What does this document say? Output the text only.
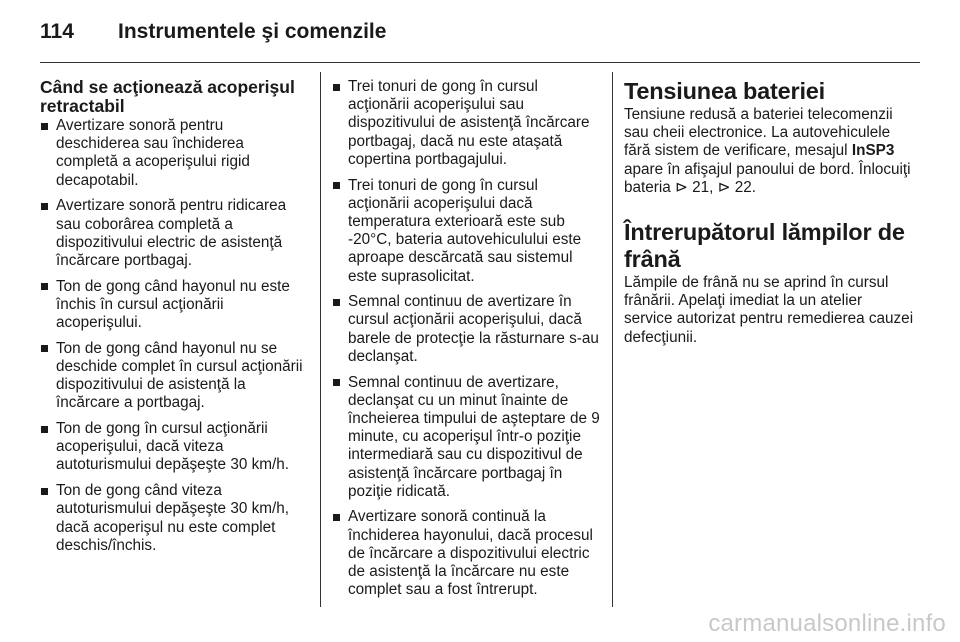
114	Instrumentele şi comenzile
Când se acţionează acoperişul retractabil
Avertizare sonoră pentru deschiderea sau închiderea completă a acoperişului rigid decapotabil.
Avertizare sonoră pentru ridicarea sau coborârea completă a dispozitivului electric de asistenţă încărcare portbagaj.
Ton de gong când hayonul nu este închis în cursul acţionării acoperişului.
Ton de gong când hayonul nu se deschide complet în cursul acţionării dispozitivului de asistenţă la încărcare a portbagaj.
Ton de gong în cursul acţionării acoperişului, dacă viteza autoturismului depăşeşte 30 km/h.
Ton de gong când viteza autoturismului depăşeşte 30 km/h, dacă acoperişul nu este complet deschis/închis.
Trei tonuri de gong în cursul acţionării acoperişului sau dispozitivului de asistenţă încărcare portbagaj, dacă nu este ataşată copertina portbagajului.
Trei tonuri de gong în cursul acţionării acoperişului dacă temperatura exterioară este sub -20°C, bateria autovehiculului este aproape descărcată sau sistemul este suprasolicitat.
Semnal continuu de avertizare în cursul acţionării acoperişului, dacă barele de protecţie la răsturnare s-au declanşat.
Semnal continuu de avertizare, declanşat cu un minut înainte de încheierea timpului de aşteptare de 9 minute, cu acoperişul într-o poziţie intermediară sau cu dispozitivul de asistenţă încărcare portbagaj în poziţie ridicată.
Avertizare sonoră continuă la închiderea hayonului, dacă procesul de încărcare a dispozitivului electric de asistenţă la încărcare nu este complet sau a fost întrerupt.
Tensiunea bateriei
Tensiune redusă a bateriei telecomenzii sau cheii electronice. La autovehiculele fără sistem de verificare, mesajul InSP3 apare în afişajul panoului de bord. Înlocuiţi bateria ⊳ 21, ⊳ 22.
Întrerupătorul lămpilor de frână
Lămpile de frână nu se aprind în cursul frânării. Apelaţi imediat la un atelier service autorizat pentru remedierea cauzei defecţiunii.
carmanualsonline.info
